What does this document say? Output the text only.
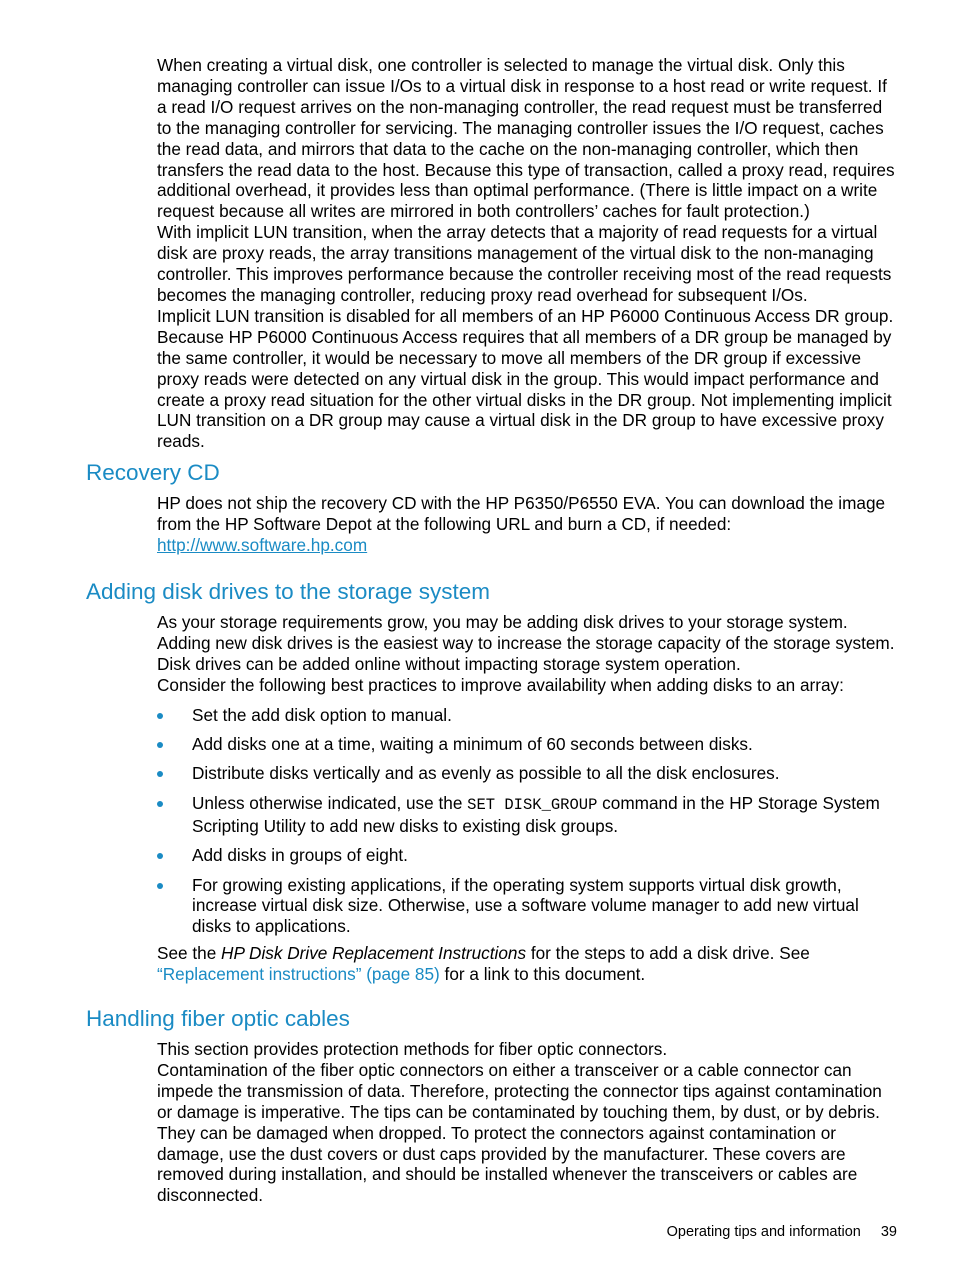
When creating a virtual disk, one controller is selected to manage the virtual disk. Only this managing controller can issue I/Os to a virtual disk in response to a host read or write request. If a read I/O request arrives on the non-managing controller, the read request must be transferred to the managing controller for servicing. The managing controller issues the I/O request, caches the read data, and mirrors that data to the cache on the non-managing controller, which then transfers the read data to the host. Because this type of transaction, called a proxy read, requires additional overhead, it provides less than optimal performance. (There is little impact on a write request because all writes are mirrored in both controllers’ caches for fault protection.)

With implicit LUN transition, when the array detects that a majority of read requests for a virtual disk are proxy reads, the array transitions management of the virtual disk to the non-managing controller. This improves performance because the controller receiving most of the read requests becomes the managing controller, reducing proxy read overhead for subsequent I/Os.

Implicit LUN transition is disabled for all members of an HP P6000 Continuous Access DR group. Because HP P6000 Continuous Access requires that all members of a DR group be managed by the same controller, it would be necessary to move all members of the DR group if excessive proxy reads were detected on any virtual disk in the group. This would impact performance and create a proxy read situation for the other virtual disks in the DR group. Not implementing implicit LUN transition on a DR group may cause a virtual disk in the DR group to have excessive proxy reads.

Recovery CD

HP does not ship the recovery CD with the HP P6350/P6550 EVA. You can download the image from the HP Software Depot at the following URL and burn a CD, if needed:

http://www.software.hp.com

Adding disk drives to the storage system

As your storage requirements grow, you may be adding disk drives to your storage system. Adding new disk drives is the easiest way to increase the storage capacity of the storage system. Disk drives can be added online without impacting storage system operation.

Consider the following best practices to improve availability when adding disks to an array:

Set the add disk option to manual.
Add disks one at a time, waiting a minimum of 60 seconds between disks.
Distribute disks vertically and as evenly as possible to all the disk enclosures.
Unless otherwise indicated, use the SET DISK_GROUP command in the HP Storage System Scripting Utility to add new disks to existing disk groups.
Add disks in groups of eight.
For growing existing applications, if the operating system supports virtual disk growth, increase virtual disk size. Otherwise, use a software volume manager to add new virtual disks to applications.

See the HP Disk Drive Replacement Instructions for the steps to add a disk drive. See “Replacement instructions” (page 85) for a link to this document.

Handling fiber optic cables

This section provides protection methods for fiber optic connectors.

Contamination of the fiber optic connectors on either a transceiver or a cable connector can impede the transmission of data. Therefore, protecting the connector tips against contamination or damage is imperative. The tips can be contaminated by touching them, by dust, or by debris. They can be damaged when dropped. To protect the connectors against contamination or damage, use the dust covers or dust caps provided by the manufacturer. These covers are removed during installation, and should be installed whenever the transceivers or cables are disconnected.

Operating tips and information 39
